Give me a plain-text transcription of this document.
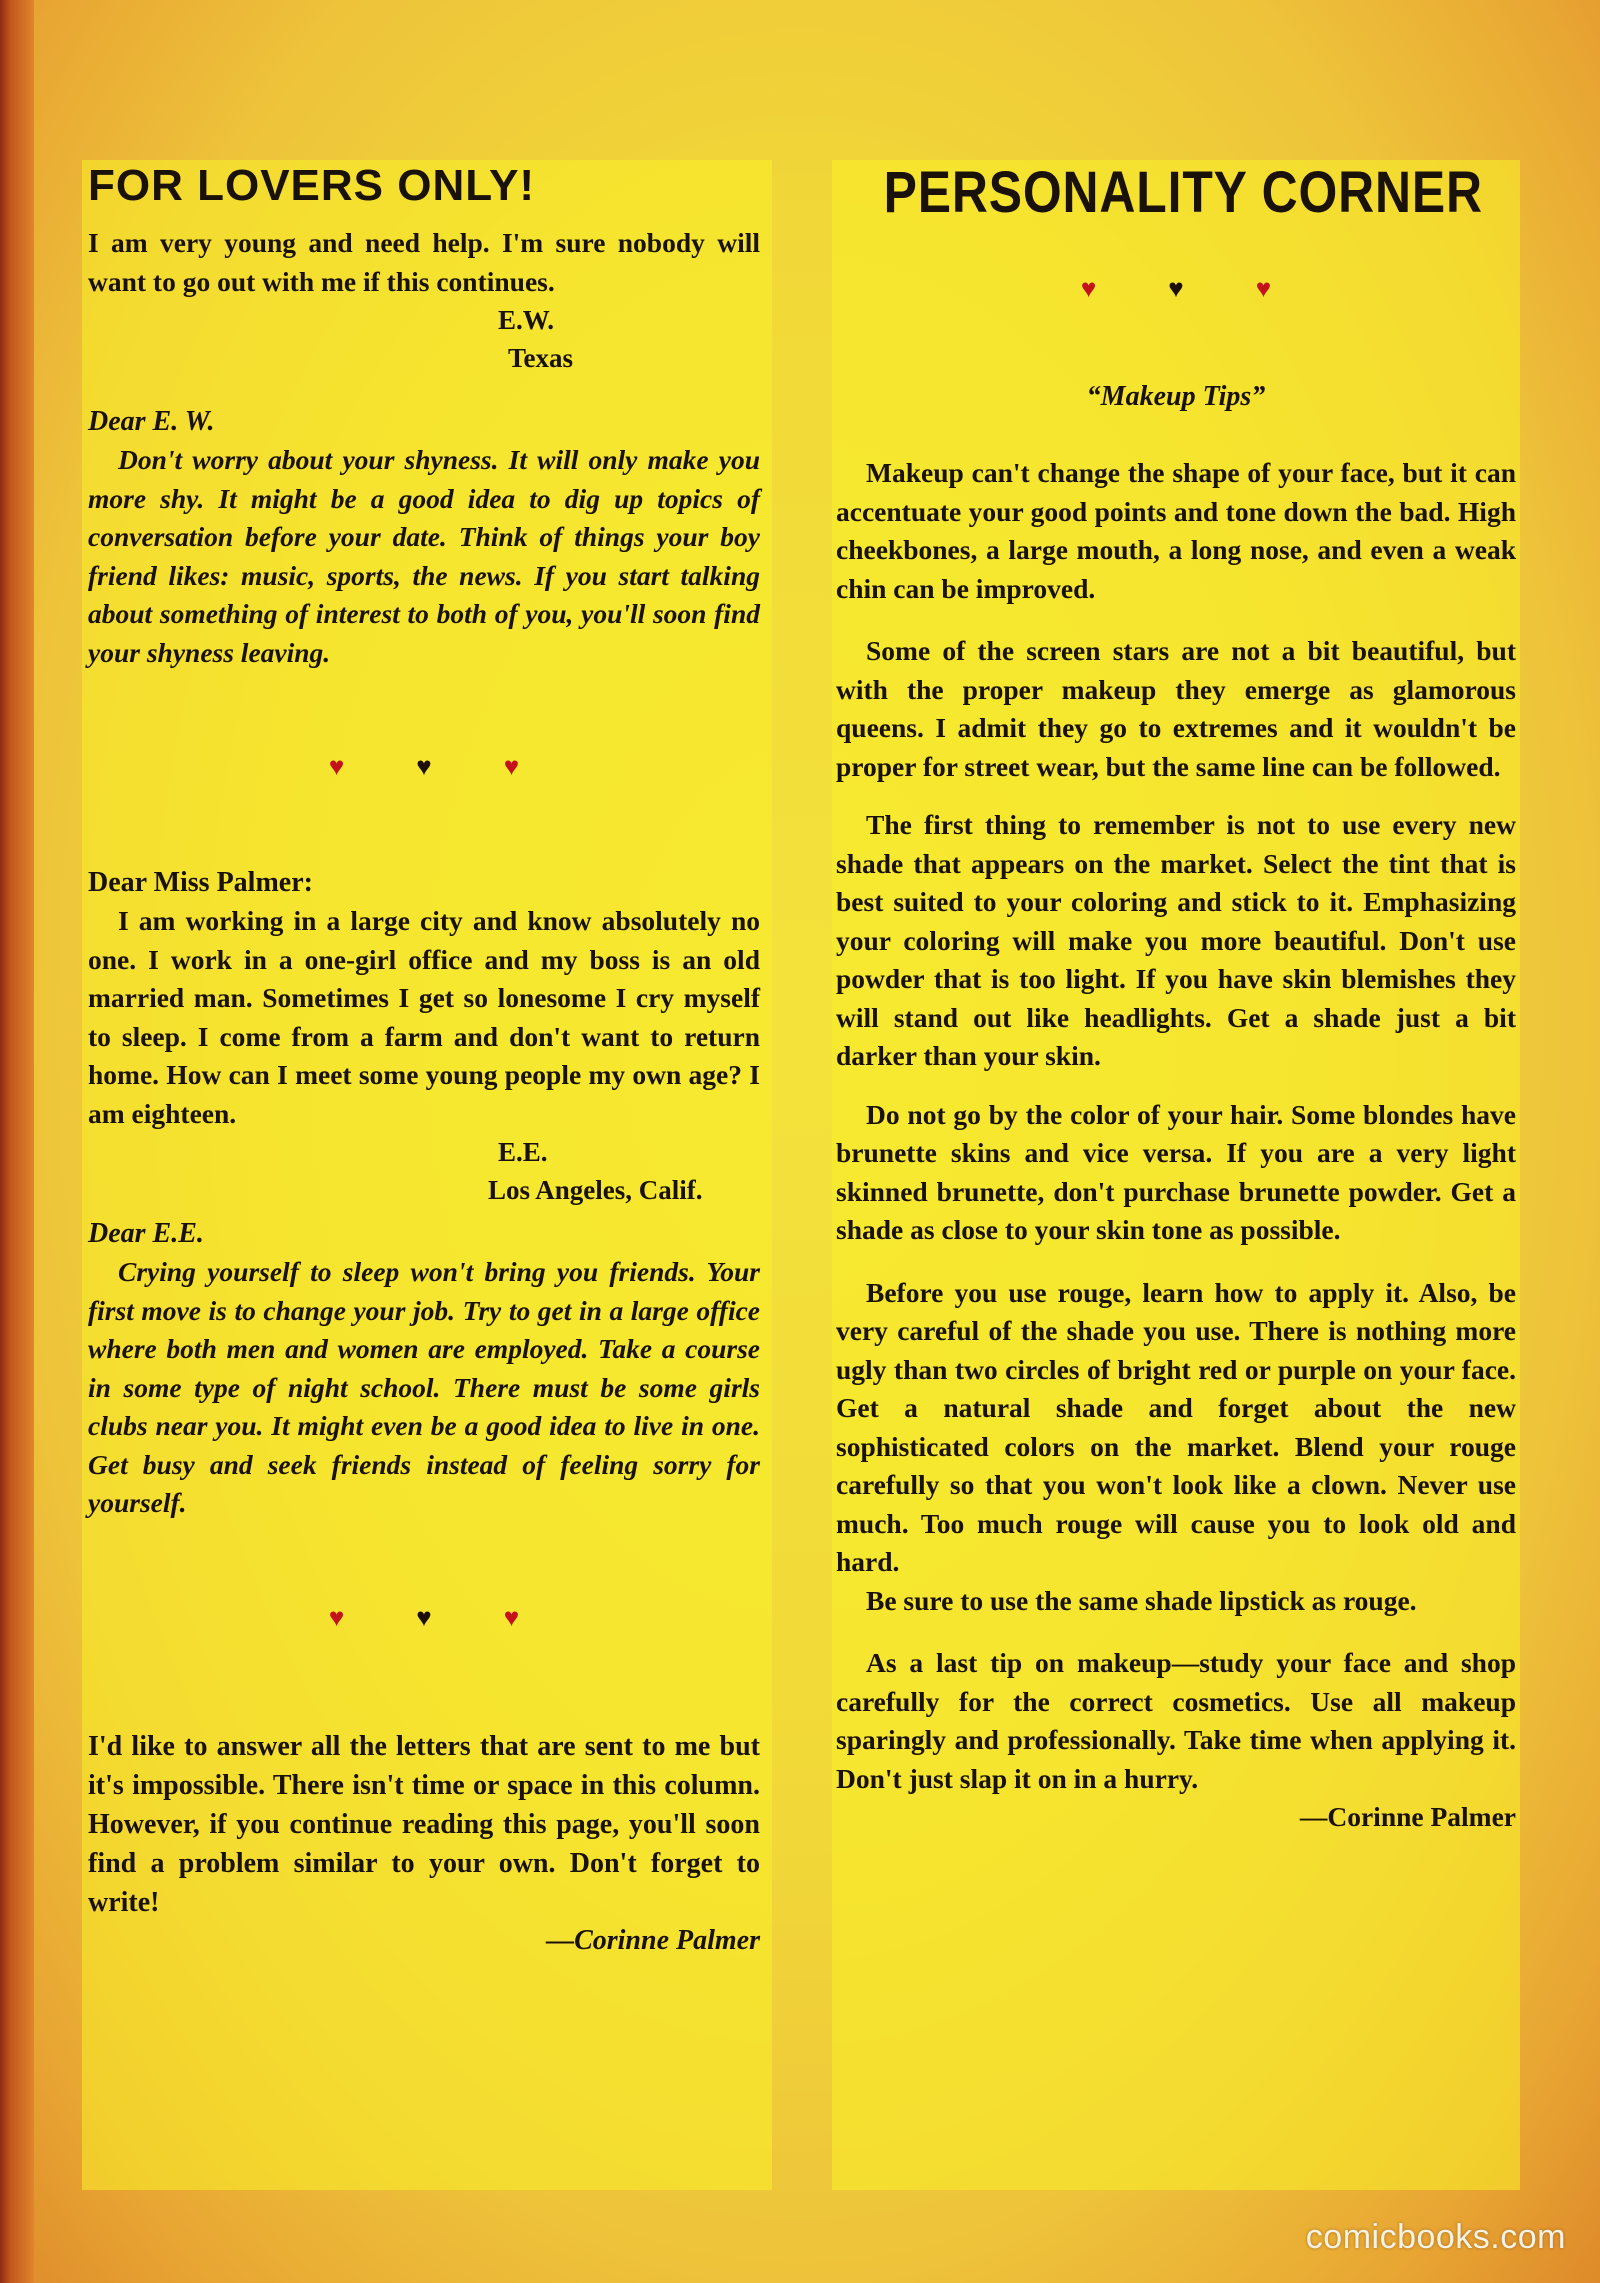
FOR LOVERS ONLY!

I am very young and need help. I'm sure nobody will want to go out with me if this continues.

E.W.

Texas

Dear E. W.

Don't worry about your shyness. It will only make you more shy. It might be a good idea to dig up topics of conversation before your date. Think of things your boy friend likes: music, sports, the news. If you start talking about something of interest to both of you, you'll soon find your shyness leaving.

♥	♥	♥

Dear Miss Palmer:

I am working in a large city and know absolutely no one. I work in a one-girl office and my boss is an old married man. Sometimes I get so lonesome I cry myself to sleep. I come from a farm and don't want to return home. How can I meet some young people my own age? I am eighteen.

E.E.

Los Angeles, Calif.

Dear E.E.

Crying yourself to sleep won't bring you friends. Your first move is to change your job. Try to get in a large office where both men and women are employed. Take a course in some type of night school. There must be some girls clubs near you. It might even be a good idea to live in one. Get busy and seek friends instead of feeling sorry for yourself.

♥	♥	♥

I'd like to answer all the letters that are sent to me but it's impossible. There isn't time or space in this column. However, if you continue reading this page, you'll soon find a problem similar to your own. Don't forget to write!

—Corinne Palmer

PERSONALITY CORNER
♥	♥	♥

“Makeup Tips”

Makeup can't change the shape of your face, but it can accentuate your good points and tone down the bad. High cheekbones, a large mouth, a long nose, and even a weak chin can be improved.

Some of the screen stars are not a bit beautiful, but with the proper makeup they emerge as glamorous queens. I admit they go to extremes and it wouldn't be proper for street wear, but the same line can be followed.

The first thing to remember is not to use every new shade that appears on the market. Select the tint that is best suited to your coloring and stick to it. Emphasizing your coloring will make you more beautiful. Don't use powder that is too light. If you have skin blemishes they will stand out like headlights. Get a shade just a bit darker than your skin.

Do not go by the color of your hair. Some blondes have brunette skins and vice versa. If you are a very light skinned brunette, don't purchase brunette powder. Get a shade as close to your skin tone as possible.

Before you use rouge, learn how to apply it. Also, be very careful of the shade you use. There is nothing more ugly than two circles of bright red or purple on your face. Get a natural shade and forget about the new sophisticated colors on the market. Blend your rouge carefully so that you won't look like a clown. Never use much. Too much rouge will cause you to look old and hard.

Be sure to use the same shade lipstick as rouge.

As a last tip on makeup—study your face and shop carefully for the correct cosmetics. Use all makeup sparingly and professionally. Take time when applying it. Don't just slap it on in a hurry.

—Corinne Palmer

comicbooks.com
